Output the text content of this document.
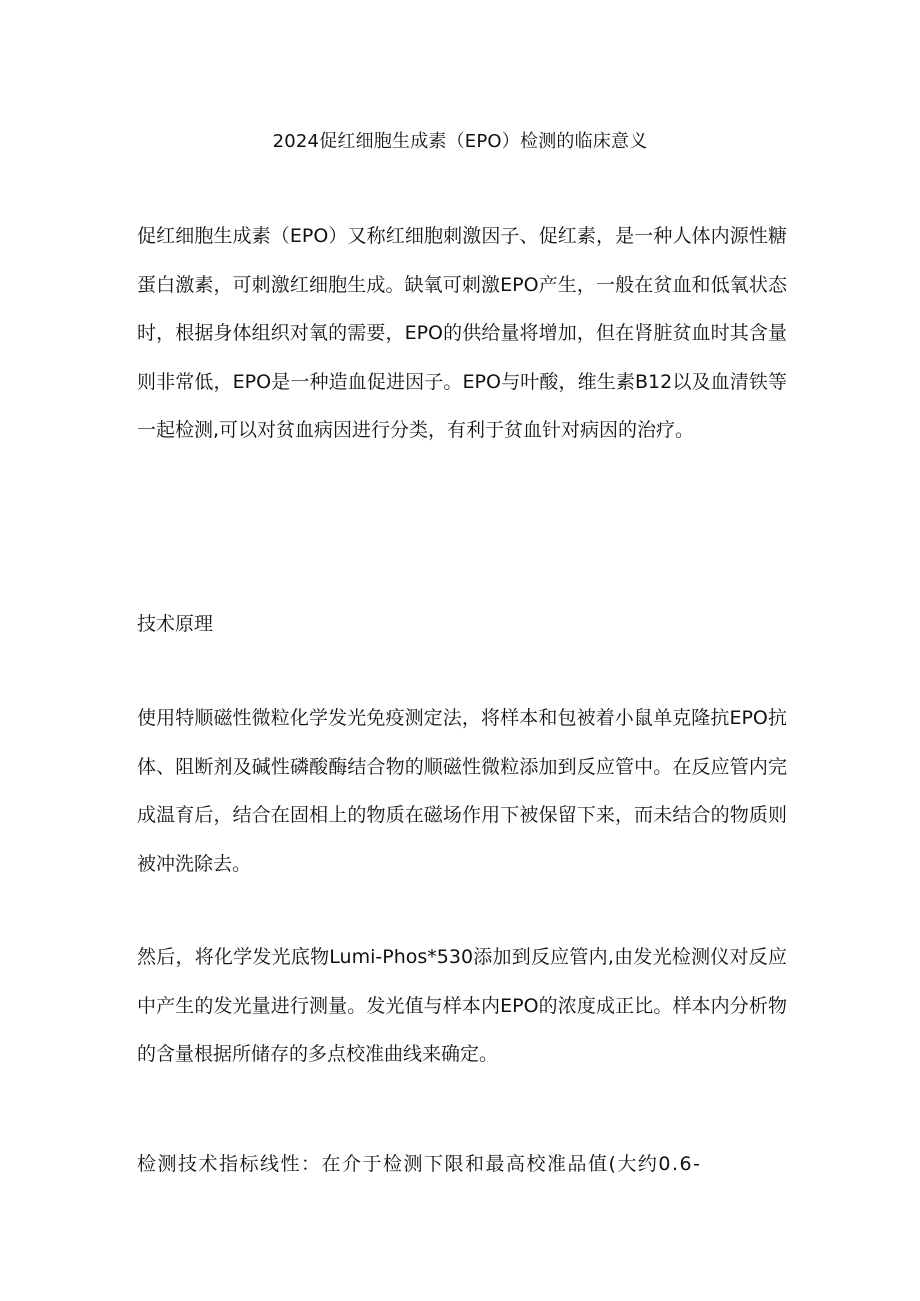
2024促红细胞生成素（EPO）检测的临床意义

促红细胞生成素（EPO）又称红细胞刺激因子、促红素，是一种人体内源性糖蛋白激素，可刺激红细胞生成。缺氧可刺激EPO产生，一般在贫血和低氧状态时，根据身体组织对氧的需要，EPO的供给量将增加，但在肾脏贫血时其含量则非常低，EPO是一种造血促进因子。EPO与叶酸，维生素B12以及血清铁等一起检测,可以对贫血病因进行分类，有利于贫血针对病因的治疗。

技术原理

使用特顺磁性微粒化学发光免疫测定法，将样本和包被着小鼠单克隆抗EPO抗体、阻断剂及碱性磷酸酶结合物的顺磁性微粒添加到反应管中。在反应管内完成温育后，结合在固相上的物质在磁场作用下被保留下来，而未结合的物质则被冲洗除去。

然后，将化学发光底物Lumi-Phos*530添加到反应管内,由发光检测仪对反应中产生的发光量进行测量。发光值与样本内EPO的浓度成正比。样本内分析物的含量根据所储存的多点校准曲线来确定。

检测技术指标线性：在介于检测下限和最高校准品值(大约0.6-
